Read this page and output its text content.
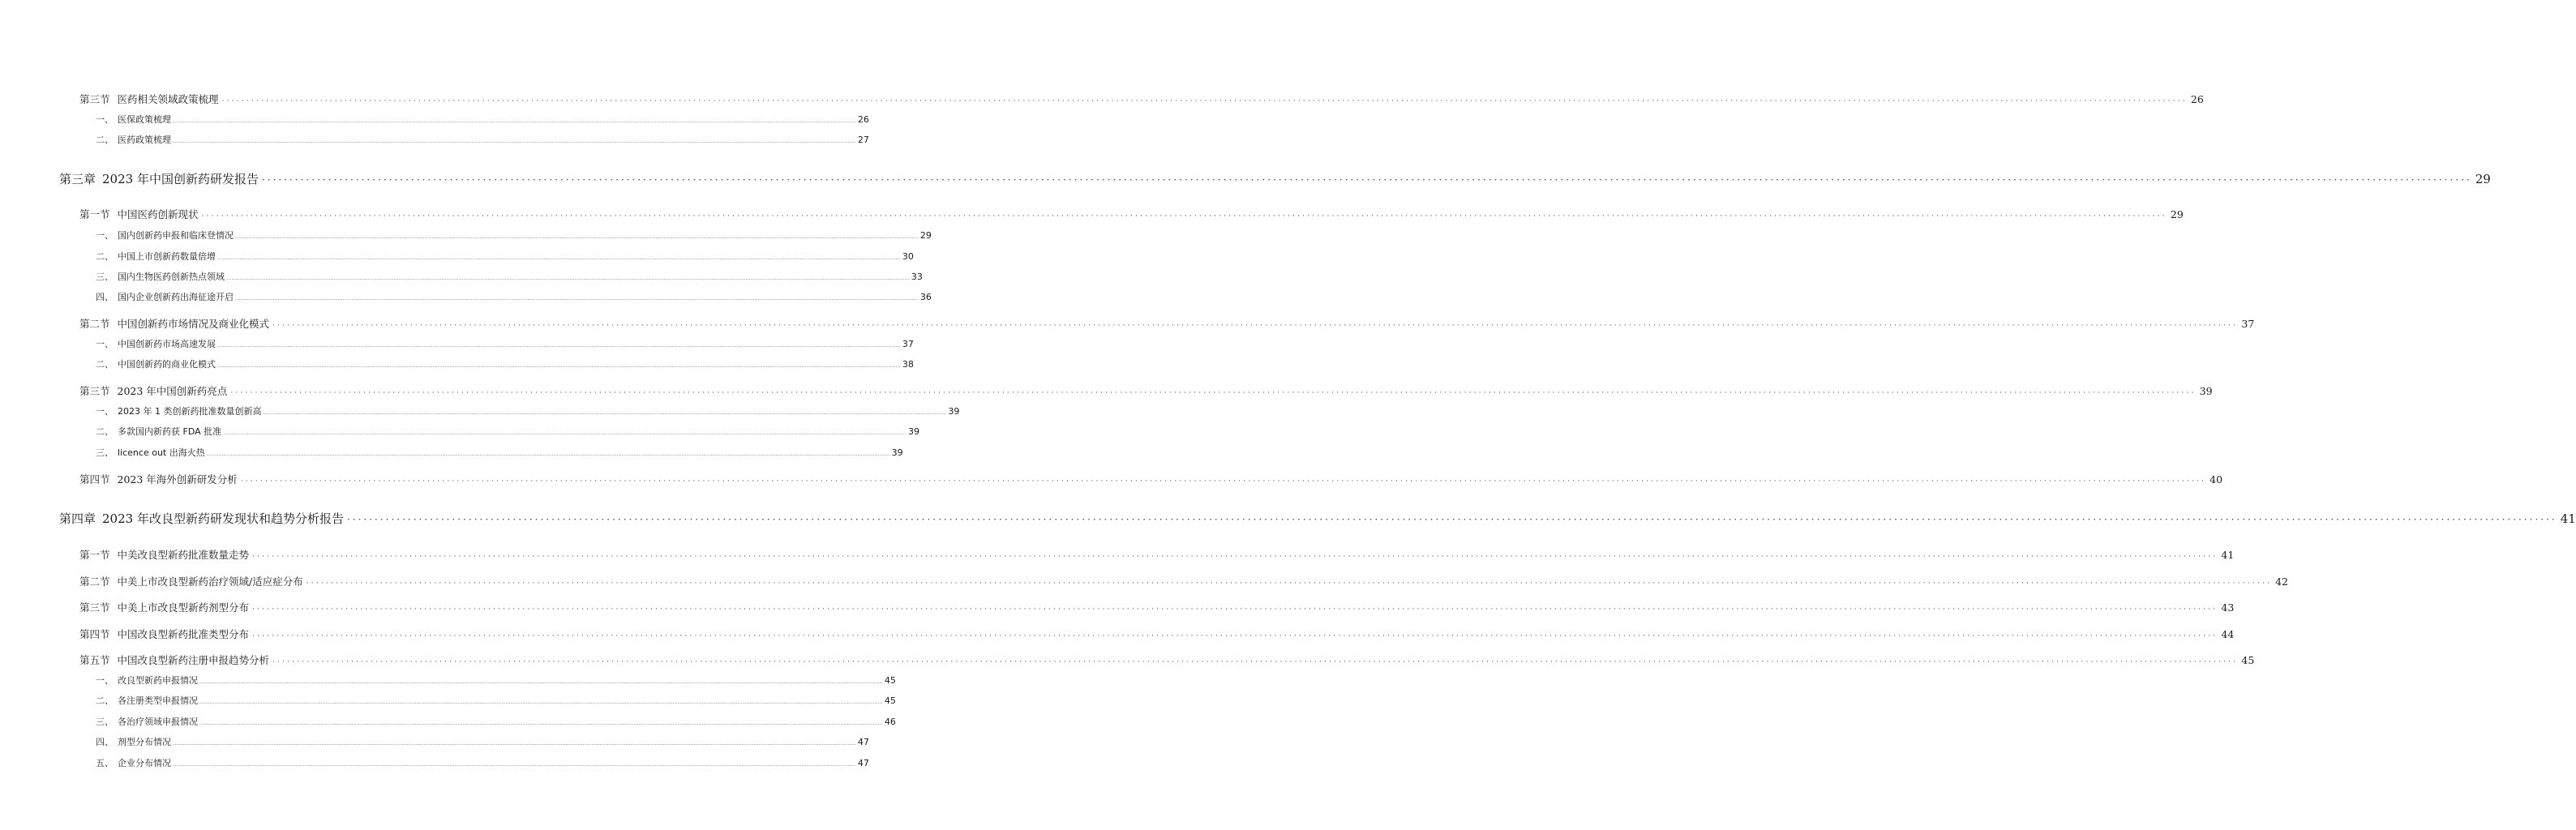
第三节 医药相关领域政策梳理 ················································································································································································································································································································································································································ 26
一、 医保政策梳理 ................................................................................................................................................................................................................................................................................................................................................................................................................ 26
二、 医药政策梳理 ................................................................................................................................................................................................................................................................................................................................................................................................................ 27
第三章 2023 年中国创新药研发报告 ················································································································································································································································································································································································································ 29
第一节 中国医药创新现状 ················································································································································································································································································································································································································ 29
一、 国内创新药申报和临床登情况 ................................................................................................................................................................................................................................................................................................................................................................................................................ 29
二、 中国上市创新药数量倍增 ................................................................................................................................................................................................................................................................................................................................................................................................................ 30
三、 国内生物医药创新热点领域 ................................................................................................................................................................................................................................................................................................................................................................................................................ 33
四、 国内企业创新药出海征途开启 ................................................................................................................................................................................................................................................................................................................................................................................................................ 36
第二节 中国创新药市场情况及商业化模式 ················································································································································································································································································································································································································ 37
一、 中国创新药市场高速发展 ................................................................................................................................................................................................................................................................................................................................................................................................................ 37
二、 中国创新药的商业化模式 ................................................................................................................................................................................................................................................................................................................................................................................................................ 38
第三节 2023 年中国创新药亮点 ················································································································································································································································································································································································································ 39
一、 2023 年 1 类创新药批准数量创新高 ................................................................................................................................................................................................................................................................................................................................................................................................................ 39
二、 多款国内新药获 FDA 批准 ................................................................................................................................................................................................................................................................................................................................................................................................................ 39
三、 licence out 出海火热 ................................................................................................................................................................................................................................................................................................................................................................................................................ 39
第四节 2023 年海外创新研发分析 ················································································································································································································································································································································································································ 40
第四章 2023 年改良型新药研发现状和趋势分析报告 ················································································································································································································································································································································································································ 41
第一节 中美改良型新药批准数量走势 ················································································································································································································································································································································································································ 41
第二节 中美上市改良型新药治疗领域/适应症分布 ················································································································································································································································································································································································································ 42
第三节 中美上市改良型新药剂型分布 ················································································································································································································································································································································································································ 43
第四节 中国改良型新药批准类型分布 ················································································································································································································································································································································································································ 44
第五节 中国改良型新药注册申报趋势分析 ················································································································································································································································································································································································································ 45
一、 改良型新药申报情况 ................................................................................................................................................................................................................................................................................................................................................................................................................ 45
二、 各注册类型申报情况 ................................................................................................................................................................................................................................................................................................................................................................................................................ 45
三、 各治疗领域申报情况 ................................................................................................................................................................................................................................................................................................................................................................................................................ 46
四、 剂型分布情况 ................................................................................................................................................................................................................................................................................................................................................................................................................ 47
五、 企业分布情况 ................................................................................................................................................................................................................................................................................................................................................................................................................ 47
